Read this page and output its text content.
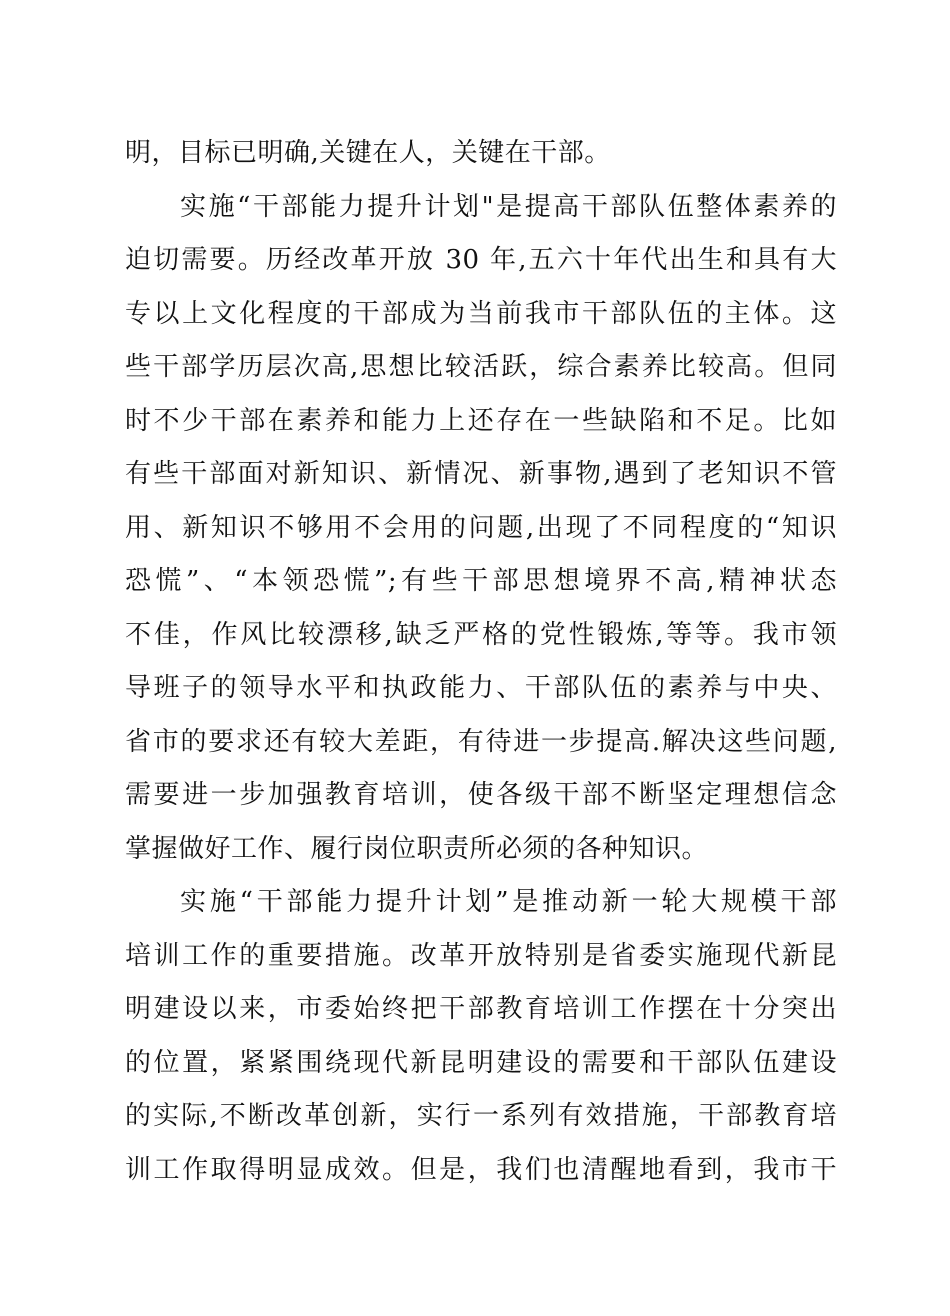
明，目标已明确,关键在人，关键在干部。
实施“干部能力提升计划"是提高干部队伍整体素养的
迫切需要。历经改革开放 30 年,五六十年代出生和具有大
专以上文化程度的干部成为当前我市干部队伍的主体。这
些干部学历层次高,思想比较活跃，综合素养比较高。但同
时不少干部在素养和能力上还存在一些缺陷和不足。比如
有些干部面对新知识、新情况、新事物,遇到了老知识不管
用、新知识不够用不会用的问题,出现了不同程度的“知识
恐慌”、“本领恐慌”;有些干部思想境界不高,精神状态
不佳，作风比较漂移,缺乏严格的党性锻炼,等等。我市领
导班子的领导水平和执政能力、干部队伍的素养与中央、
省市的要求还有较大差距，有待进一步提高.解决这些问题,
需要进一步加强教育培训，使各级干部不断坚定理想信念
掌握做好工作、履行岗位职责所必须的各种知识。
实施“干部能力提升计划”是推动新一轮大规模干部
培训工作的重要措施。改革开放特别是省委实施现代新昆
明建设以来，市委始终把干部教育培训工作摆在十分突出
的位置，紧紧围绕现代新昆明建设的需要和干部队伍建设
的实际,不断改革创新，实行一系列有效措施，干部教育培
训工作取得明显成效。但是，我们也清醒地看到，我市干
